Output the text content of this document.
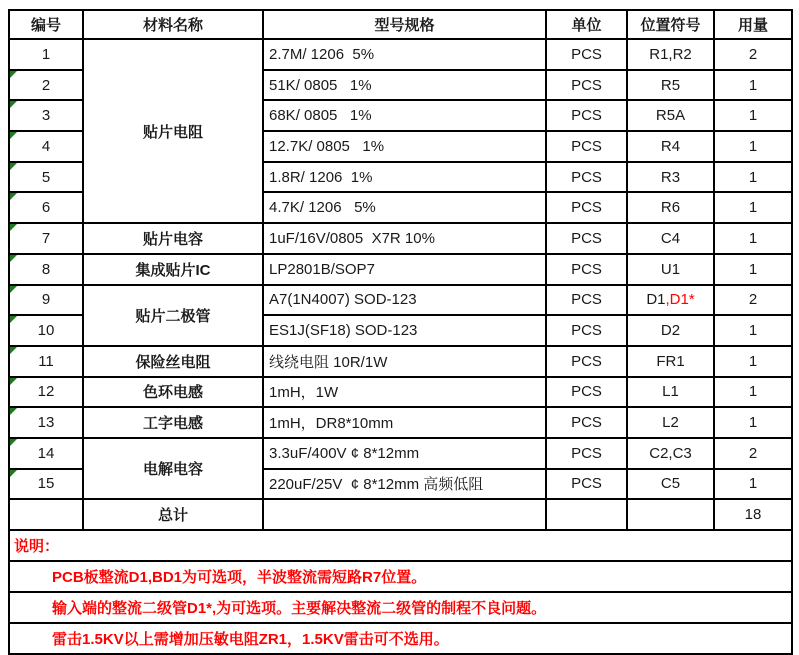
编号	材料名称	型号规格	单位	位置符号	用量
1	贴片电阻	2.7M/ 1206  5%	PCS	R1,R2	2

2		51K/ 0805   1%	PCS	R5	1

3		68K/ 0805   1%	PCS	R5A	1

4		12.7K/ 0805   1%	PCS	R4	1

5		1.8R/ 1206  1%	PCS	R3	1

6		4.7K/ 1206   5%	PCS	R6	1

7	贴片电容	1uF/16V/0805  X7R 10%	PCS	C4	1

8	集成贴片IC	LP2801B/SOP7	PCS	U1	1

9	贴片二极管	A7(1N4007) SOD-123	PCS	D1,D1*	2

10		ES1J(SF18) SOD-123	PCS	D2	1

11	保险丝电阻	线绕电阻 10R/1W	PCS	FR1	1

12	色环电感	1mH，1W	PCS	L1	1

13	工字电感	1mH，DR8*10mm	PCS	L2	1

14	电解电容	3.3uF/400V ¢ 8*12mm	PCS	C2,C3	2

15		220uF/25V  ¢ 8*12mm 高频低阻	PCS	C5	1
	总计				18
说明：					
PCB板整流D1,BD1为可选项，半波整流需短路R7位置。					
输入端的整流二级管D1*,为可选项。主要解决整流二级管的制程不良问题。					
雷击1.5KV以上需增加压敏电阻ZR1，1.5KV雷击可不选用。					
